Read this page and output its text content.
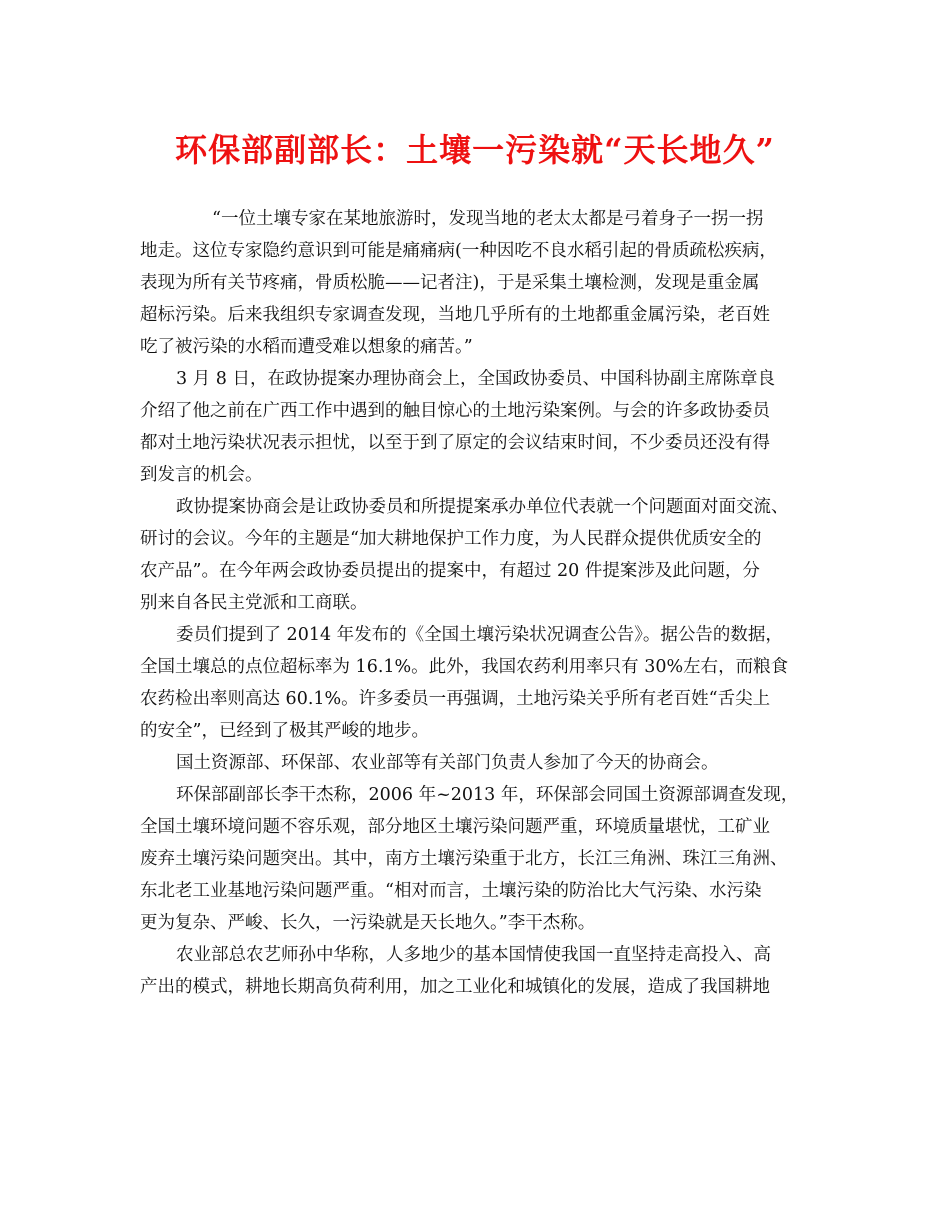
环保部副部长：土壤一污染就“天长地久”
“一位土壤专家在某地旅游时，发现当地的老太太都是弓着身子一拐一拐
地走。这位专家隐约意识到可能是痛痛病(一种因吃不良水稻引起的骨质疏松疾病，
表现为所有关节疼痛，骨质松脆——记者注)，于是采集土壤检测，发现是重金属
超标污染。后来我组织专家调查发现，当地几乎所有的土地都重金属污染，老百姓
吃了被污染的水稻而遭受难以想象的痛苦。”
3 月 8 日，在政协提案办理协商会上，全国政协委员、中国科协副主席陈章良
介绍了他之前在广西工作中遇到的触目惊心的土地污染案例。与会的许多政协委员
都对土地污染状况表示担忧，以至于到了原定的会议结束时间，不少委员还没有得
到发言的机会。
政协提案协商会是让政协委员和所提提案承办单位代表就一个问题面对面交流、
研讨的会议。今年的主题是“加大耕地保护工作力度，为人民群众提供优质安全的
农产品”。在今年两会政协委员提出的提案中，有超过 20 件提案涉及此问题，分
别来自各民主党派和工商联。
委员们提到了 2014 年发布的《全国土壤污染状况调查公告》。据公告的数据，
全国土壤总的点位超标率为 16.1%。此外，我国农药利用率只有 30%左右，而粮食
农药检出率则高达 60.1%。许多委员一再强调，土地污染关乎所有老百姓“舌尖上
的安全”，已经到了极其严峻的地步。
国土资源部、环保部、农业部等有关部门负责人参加了今天的协商会。
环保部副部长李干杰称，2006 年~2013 年，环保部会同国土资源部调查发现，
全国土壤环境问题不容乐观，部分地区土壤污染问题严重，环境质量堪忧，工矿业
废弃土壤污染问题突出。其中，南方土壤污染重于北方，长江三角洲、珠江三角洲、
东北老工业基地污染问题严重。“相对而言，土壤污染的防治比大气污染、水污染
更为复杂、严峻、长久，一污染就是天长地久。”李干杰称。
农业部总农艺师孙中华称，人多地少的基本国情使我国一直坚持走高投入、高
产出的模式，耕地长期高负荷利用，加之工业化和城镇化的发展，造成了我国耕地
